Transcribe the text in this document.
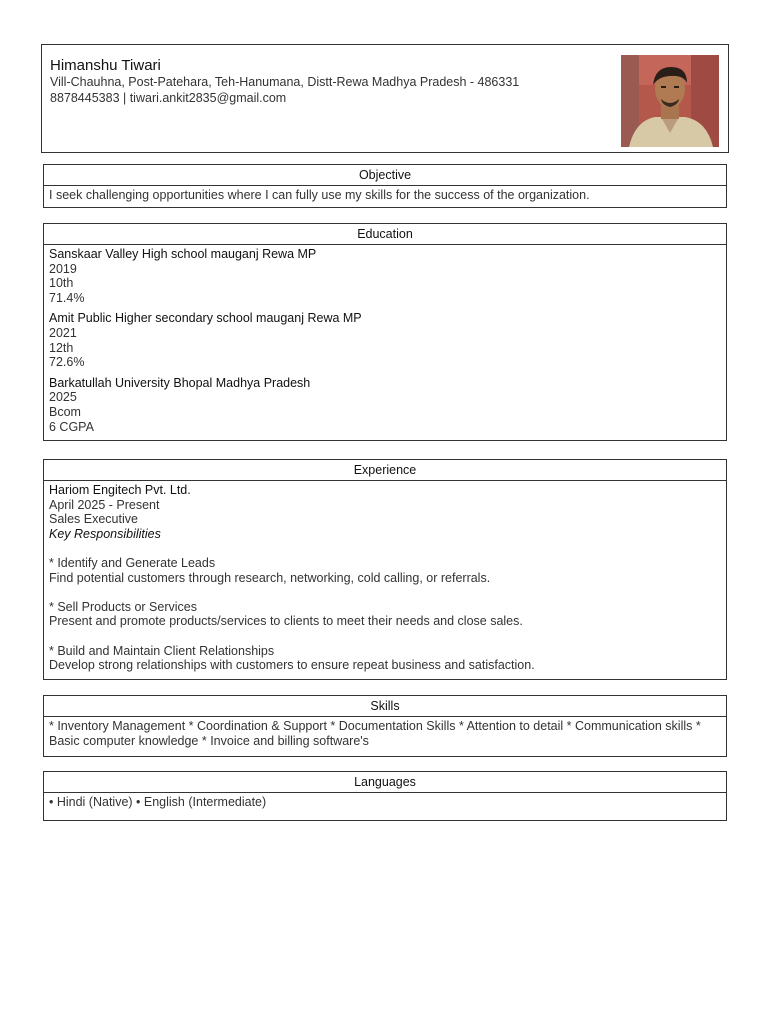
Himanshu Tiwari

Vill-Chauhna, Post-Patehara, Teh-Hanumana, Distt-Rewa Madhya Pradesh - 486331

8878445383 | tiwari.ankit2835@gmail.com

Objective
I seek challenging opportunities where I can fully use my skills for the success of the organization.
Education
Sanskaar Valley High school mauganj Rewa MP
2019
10th
71.4%
Amit Public Higher secondary school mauganj Rewa MP
2021
12th
72.6%
Barkatullah University Bhopal Madhya Pradesh
2025
Bcom
6 CGPA
Experience
Hariom Engitech Pvt. Ltd.
April 2025 - Present
Sales Executive
Key Responsibilities
* Identify and Generate Leads
Find potential customers through research, networking, cold calling, or referrals.
* Sell Products or Services
Present and promote products/services to clients to meet their needs and close sales.
* Build and Maintain Client Relationships
Develop strong relationships with customers to ensure repeat business and satisfaction.
Skills
* Inventory Management * Coordination & Support * Documentation Skills * Attention to detail * Communication skills * Basic computer knowledge * Invoice and billing software's
Languages
• Hindi (Native) • English (Intermediate)
